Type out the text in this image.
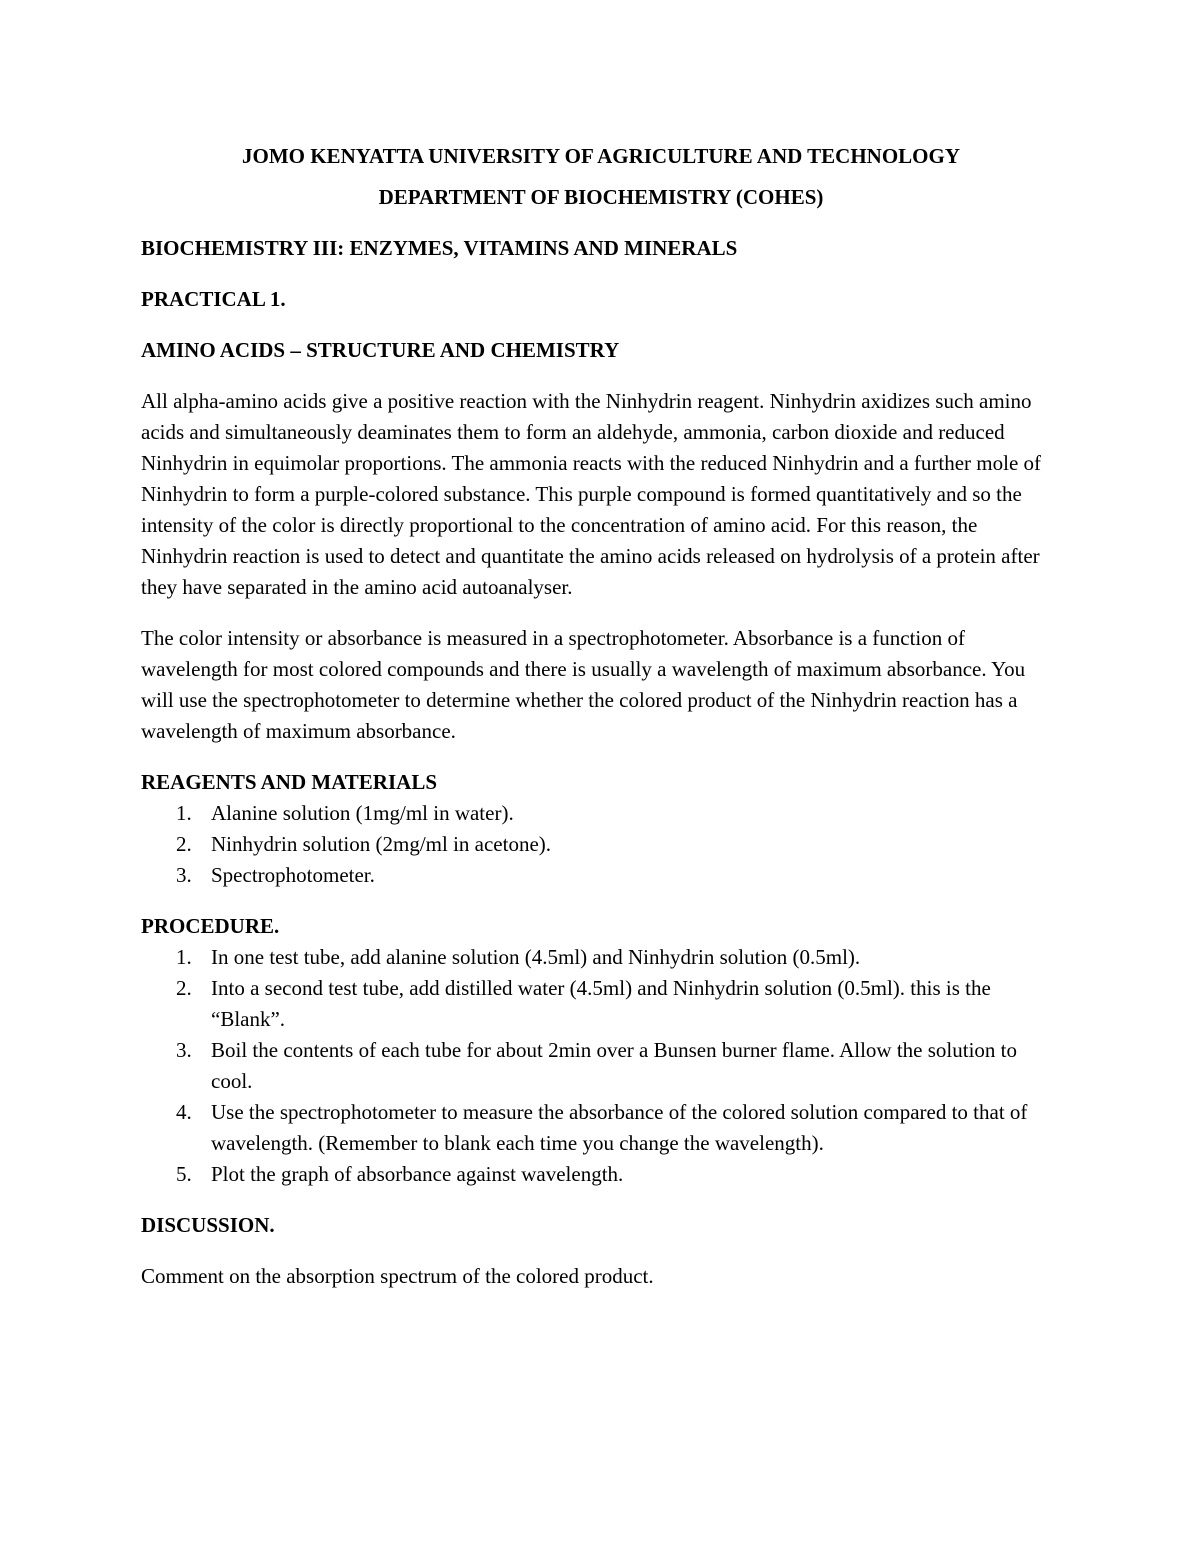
JOMO KENYATTA UNIVERSITY OF AGRICULTURE AND TECHNOLOGY

DEPARTMENT OF BIOCHEMISTRY (COHES)

BIOCHEMISTRY III: ENZYMES, VITAMINS AND MINERALS

PRACTICAL 1.

AMINO ACIDS – STRUCTURE AND CHEMISTRY

All alpha-amino acids give a positive reaction with the Ninhydrin reagent. Ninhydrin axidizes such amino acids and simultaneously deaminates them to form an aldehyde, ammonia, carbon dioxide and reduced Ninhydrin in equimolar proportions. The ammonia reacts with the reduced Ninhydrin and a further mole of Ninhydrin to form a purple-colored substance. This purple compound is formed quantitatively and so the intensity of the color is directly proportional to the concentration of amino acid. For this reason, the Ninhydrin reaction is used to detect and quantitate the amino acids released on hydrolysis of a protein after they have separated in the amino acid autoanalyser.

The color intensity or absorbance is measured in a spectrophotometer. Absorbance is a function of wavelength for most colored compounds and there is usually a wavelength of maximum absorbance. You will use the spectrophotometer to determine whether the colored product of the Ninhydrin reaction has a wavelength of maximum absorbance.

REAGENTS AND MATERIALS

1. Alanine solution (1mg/ml in water).
2. Ninhydrin solution (2mg/ml in acetone).
3. Spectrophotometer.

PROCEDURE.

1. In one test tube, add alanine solution (4.5ml) and Ninhydrin solution (0.5ml).
2. Into a second test tube, add distilled water (4.5ml) and Ninhydrin solution (0.5ml). this is the “Blank”.
3. Boil the contents of each tube for about 2min over a Bunsen burner flame. Allow the solution to cool.
4. Use the spectrophotometer to measure the absorbance of the colored solution compared to that of wavelength. (Remember to blank each time you change the wavelength).
5. Plot the graph of absorbance against wavelength.

DISCUSSION.

Comment on the absorption spectrum of the colored product.
